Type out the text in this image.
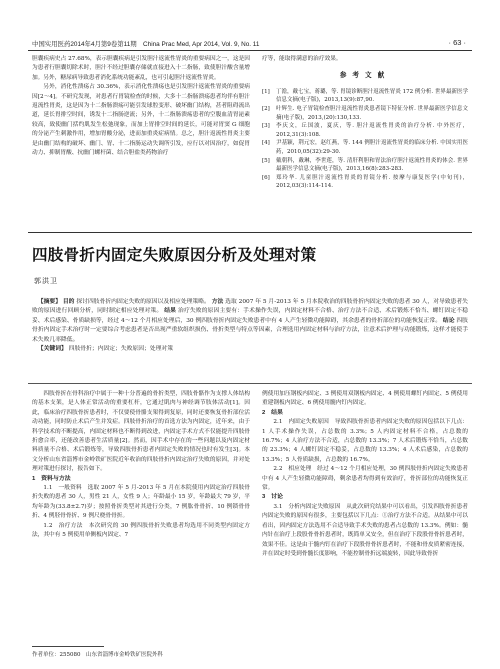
中国实用医药2014年4月第9卷第11期　China Prac Med, Apr 2014, Vol. 9, No. 11	· 63 ·

胆囊疾病史占 27.68%，表示胆囊疾病是引发胆汁返流性胃炎的重要病因之一，这是因为患者行胆囊切除术时，胆汁不经过胆囊存储就直接进入十二指肠，致使胆汁酸含量增加。另外，糖尿病导致患者消化系统功能紊乱，也可引起胆汁返流性胃炎。

另外，消化性溃疡占 30.36%，表示消化性溃疡也是引发胆汁返流性胃炎的重要病因[2～4]。不研究发现，对患者行胃镜检查的时候，大多十二指肠溃疡患者均伴有胆汁返流性胃炎，这是因为十二指肠溃疡可能引发球腔变形、破坏幽门结构，甚者阻碍流出道，延长胃排空时间，诱发十二指肠逆流；另外，十二指肠溃疡患者的空腹血清胃泌素较高，致使幽门括约肌发生松弛现象，而加上胃排空时间的延长，可能对胃窦 G 细胞的分泌产生刺激作用，增加胃酸分泌，进而加重炎症病情。总之，胆汁返流性胃炎主要是由幽门结构的破坏、幽门、胃、十二指肠运动失调所引发，应行以对因治疗，如促胃动力、抑制胃酸、抗幽门螺杆菌、结合胆盐类药物治疗

疗等，能取得满意的治疗效果。

参考文献
[1]	丁澹，戴七宝，蒋璐，等. 胃镜诊断胆汁返流性胃炎 172 例分析. 世界最新医学信息文摘(电子版)，2013,13(9):87,90.
[2]	叶辉生. 电子胃镜检查胆汁返流性胃炎患者镜下特征分析. 世界最新医学信息文摘(电子版)，2013,(20):130,133.
[3]	李庆文，丘国波，夏庆，等. 胆汁返流性胃炎的治疗分析. 中外医疗，2012,31(3):108.
[4]	尹基颖，荆元宏，赵红燕，等. 144 例胆汁返流性胃炎的临床分析. 中国实用医药，2010,05(32):29-30.
[5]	戴朝科，戴琳，李世莲，等. 清肝利胆和胃法治疗胆汁返流性胃炎的体会. 世界最新医学信息文摘(电子版)，2013,16(8):283-283.
[6]	郑玲华. 儿童胆汁返流性胃炎的胃镜分析. 按摩与康复医学(中旬刊)，2012,03(3):114-114.
四肢骨折内固定失败原因分析及处理对策
郭洪卫
【摘要】 目的 探讨四肢骨折内固定失败的原因以及相应处理策略。 方法 选取 2007 年 5 月-2013 年 5 月本院收治的四肢骨折内固定失败的患者 30 人，对导致患者失败的原因进行回顾分析，同时制定相应处理对策。 结果 治疗失败的原因主要有：手术操作失误，内固定材料不合格、治疗方法不合适、术后锻炼不恰当、螺钉固定不稳妥、术后感染、骨质缺损等，经过 4～12 个月相应处理后，30 例四肢骨折内固定失败患者中有 4 人产生轻微功能障碍，其余患者的骨折部位的功能恢复正常。 结论 四肢骨折内固定手术治疗时一定要综合考虑患者是否出现严重软组织损伤、骨折类型与特点等因素，合理选用内固定材料与治疗方法，注意术后护理与功能锻炼，这样才能使手术失败几率降低。
【关键词】 四肢骨折；内固定；失败原因；处理对策

四肢骨折在骨科治疗中属于一种十分普遍的骨折类型，四肢骨骼作为支撑人体结构的基本支架，是人体正常活动的重要杠杆，它通过肌肉与神经调节肢体活动[1]。因此，临床治疗四肢骨折患者时，不仅要使骨骼支架得到复原，同时还要恢复骨折部位活动功能，同时防止术后产生并发症。四肢骨折治疗的首选方法为内固定，近年来，由于科学技术的不断提高，内固定材料也不断得到改进，内固定手术方式不仅能提升四肢骨折愈合率，还能改善患者生活质量[2]。然而，因手术中存在的一些问题以及内固定材料质量不合格、术后锻炼等，导致四肢骨折患者内固定失败的情况也时有发生[3]。本文分析山东省淄博市金岭铁矿医院近年收治的四肢骨折内固定治疗失败的原因，并对处理对策进行探讨，报告如下。

1　资料与方法

1.1　一般资料　选取 2007 年 5 月-2013 年 5 月在本院使用内固定治疗四肢骨折失败的患者 30 人，男性 21 人，女性 9 人；年龄最小 15 岁，年龄最大 79 岁，平均年龄为(33.8±2.7)岁；按照骨折类型对其进行分类，7 例肱骨骨折、10 例锁骨骨折、4 例胫骨骨折、9 例尺桡骨骨折。

1.2　治疗方法　本次研究的 30 例四肢骨折失败患者均选用不同类型内固定方法，其中有 5 例使用单侧板内固定、7

例使用加压钢板内固定、3 例使用双钢板内固定、4 例使用螺钉内固定、5 例使用重建钢板内固定、6 例使用髓内钉内固定。

2　结果

2.1　内固定失败原因　导致四肢骨折患者内固定失败的原因包括以下几点：1 人手术操作失误，占总数的 3.3%；5 人内固定材料不合格，占总数的 16.7%；4 人治疗方法不合适，占总数的 13.3%；7 人术后锻炼不恰当，占总数的 23.3%；4 人螺钉固定不稳妥，占总数的 13.3%；4 人术后感染，占总数的 13.3%；5 人骨质缺损，占总数的 16.7%。

2.2　相应处理　经过 4～12 个月相应处理，30 例四肢骨折内固定失败患者中有 4 人产生轻微功能障碍，剩余患者均得到有效治疗，骨折部位的功能恢复正常。

3　讨论

3.1　分析内固定失败原因　从此次研究结果中可以看出，引发四肢骨折患者内固定失败的原因有很多，主要包括以下几点：①治疗方法不合适。从结果中可以看出，因内固定方法选用不合适导致手术失败的患者占总数的 13.3%。例如：髓内针在治疗上段股骨骨折患者时，既简单又安全，但在治疗下段股骨骨折患者时，效果不佳。这是由于髓内钉在治疗下段股骨骨折患者时，不能和骨皮质紧密连接，并在固定时受到骨髓长度影响，不能控制骨折远端旋转，因此导致骨折

作者单位：255080　山东省淄博市金岭铁矿医院外科
